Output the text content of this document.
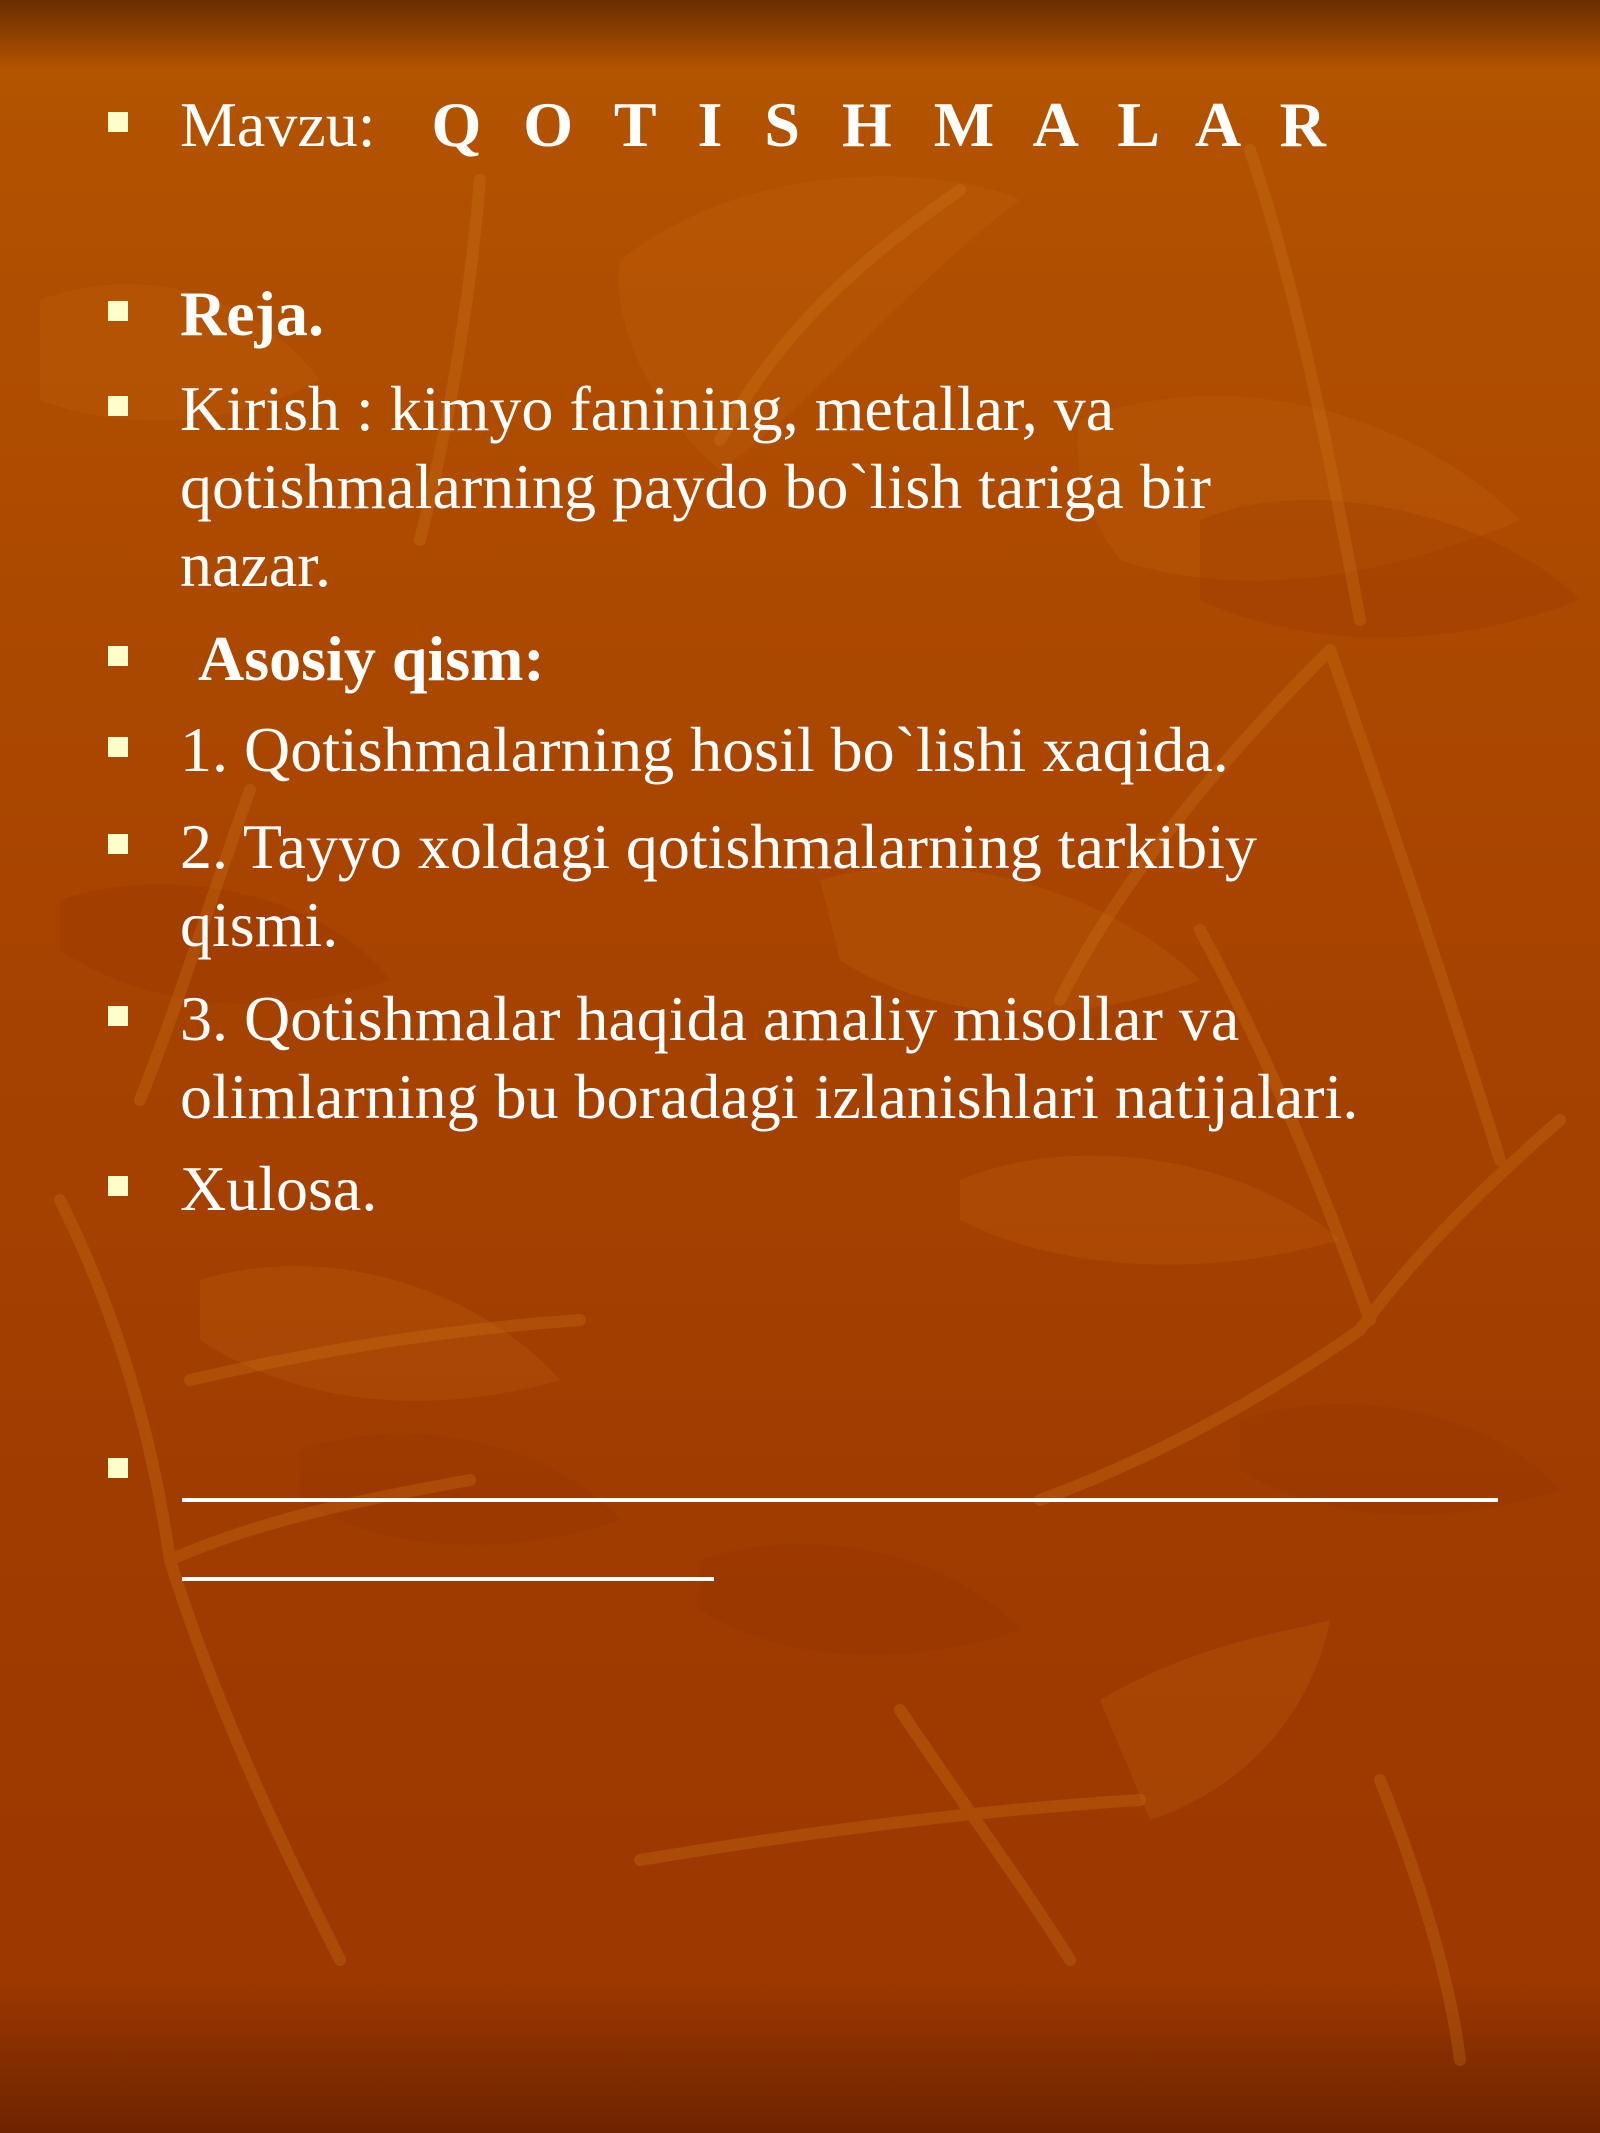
Mavzu: Q O T I S H M A L A R
Reja.
Kirish : kimyo fanining, metallar, va
qotishmalarning paydo bo`lish tariga bir
nazar.
Asosiy qism:
1. Qotishmalarning hosil bo`lishi xaqida.
2. Tayyo xoldagi qotishmalarning tarkibiy
qismi.
3. Qotishmalar haqida amaliy misollar va
olimlarning bu boradagi izlanishlari natijalari.
Xulosa.
